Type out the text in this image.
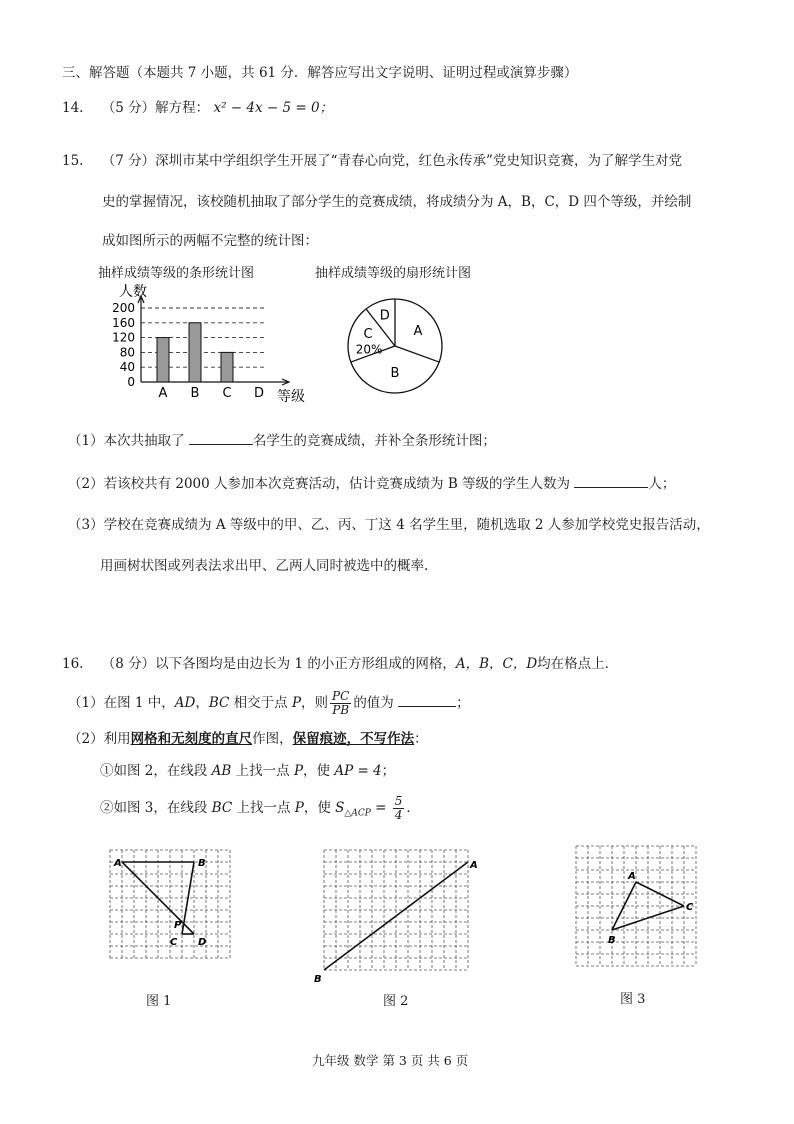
三、解答题（本题共 7 小题，共 61 分．解答应写出文字说明、证明过程或演算步骤）
14. （5 分）解方程： x² − 4x − 5 = 0；
15. （7 分）深圳市某中学组织学生开展了“青春心向党，红色永传承”党史知识竞赛，为了解学生对党
史的掌握情况，该校随机抽取了部分学生的竞赛成绩，将成绩分为 A，B，C，D 四个等级，并绘制
成如图所示的两幅不完整的统计图：
抽样成绩等级的条形统计图
人数
0
40
80
120
160
200
等级
A B C D
抽样成绩等级的扇形统计图
A
B
C
20%
D
（1）本次共抽取了	名学生的竞赛成绩，并补全条形统计图；
（2）若该校共有 2000 人参加本次竞赛活动，估计竞赛成绩为 B 等级的学生人数为	人；
（3）学校在竞赛成绩为 A 等级中的甲、乙、丙、丁这 4 名学生里，随机选取 2 人参加学校党史报告活动，
用画树状图或列表法求出甲、乙两人同时被选中的概率.
16. （8 分）以下各图均是由边长为 1 的小正方形组成的网格，A，B，C，D均在格点上．
（1）在图 1 中，AD，BC 相交于点 P，则 $\frac{PC}{PB}$ 的值为	；
（2）利用网格和无刻度的直尺作图，保留痕迹，不写作法：
①如图 2，在线段 AB 上找一点 P，使 AP = 4；
②如图 3，在线段 BC 上找一点 P，使 $S_{\triangle ACP} = \frac{5}{4}$ ．
A	B
C D
P
图 1
A
B
图 2
A
B
C
图 3
九年级 数学 第 3 页 共 6 页
